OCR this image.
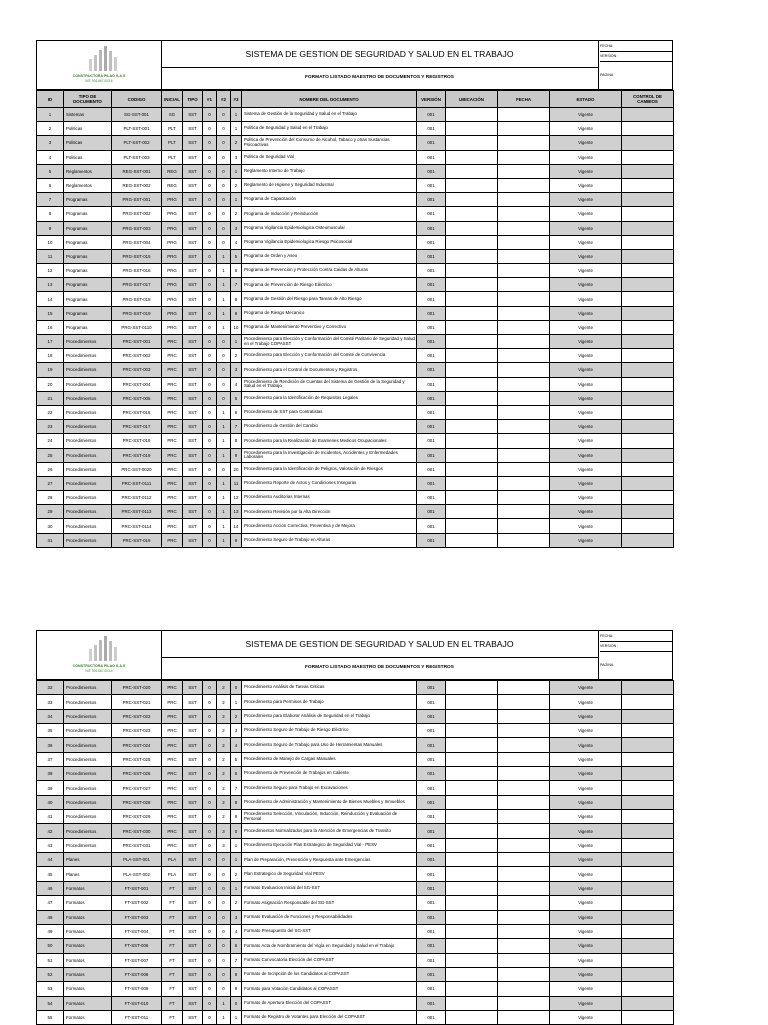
CONSTRUCTORA PILAO S.A.S
NIT: 901.667.003-4
SISTEMA DE GESTION DE SEGURIDAD Y SALUD EN EL TRABAJO
FORMATO LISTADO MAESTRO DE DOCUMENTOS Y REGISTROS
FECHA:
VERSION :
PAGINA
ID	TIPO DE DOCUMENTO	CODIGO	INICIAL	TIPO	#1	#2	#3	NOMBRE DEL DOCUMENTO	VERSIÓN	UBICACIÓN	FECHA	ESTADO	CONTROL DE CAMBIOS
1	Sistemas	SG-SST-001	SG	SST	0	0	1	Sistema de Gestión de la Seguridad y Salud en el Trabajo	001			Vigente	
2	Politicas	PLT-SST-001	PLT	SST	0	0	1	Politica de Seguridad y Salud en el Trabajo	001			Vigente	
3	Politicas	PLT-SST-002	PLT	SST	0	0	2	Politica de Prevención del Consumo de Alcohol, Tabaco y otras Sustancias Psicoactivas	001			Vigente	
4	Politicas	PLT-SST-003	PLT	SST	0	0	3	Politica de Seguridad Vial	001			Vigente	
5	Reglamentos	REG-SST-001	REG	SST	0	0	1	Reglamento Interno de Trabajo	001			Vigente	
6	Reglamentos	REG-SST-002	REG	SST	0	0	2	Reglamento de Higiene y Seguridad Industrial	001			Vigente	
7	Programas	PRG-SST-001	PRG	SST	0	0	1	Programa de Capacitación	001			Vigente	
8	Programas	PRG-SST-002	PRG	SST	0	0	2	Programa de Inducción y Reinducción	001			Vigente	
9	Programas	PRG-SST-003	PRG	SST	0	0	3	Programa Vigilancia Epidemiologica Osteomuscular	001			Vigente	
10	Programas	PRG-SST-004	PRG	SST	0	0	4	Programa Vigilancia Epidemiologica Riesgo Psicosocial	001			Vigente	
11	Programas	PRG-SST-015	PRG	SST	0	1	5	Programa de Orden y Aseo	001			Vigente	
12	Programas	PRG-SST-016	PRG	SST	0	1	6	Programa de Prevención y Protección Contra Caidas de Alturas	001			Vigente	
13	Programas	PRG-SST-017	PRG	SST	0	1	7	Programa de Prevención de Riesgo Eléctrico	001			Vigente	
14	Programas	PRG-SST-018	PRG	SST	0	1	8	Programa de Gestión del Riesgo para Tareas de Alto Riesgo	001			Vigente	
15	Programas	PRG-SST-019	PRG	SST	0	1	9	Programa de Riesgo Mecanico	001			Vigente	
16	Programas	PRG-SST-0110	PRG	SST	0	1	10	Programa de Mantenimiento Preventivo y Correctivo	001			Vigente	
17	Procedimientos	PRC-SST-001	PRC	SST	0	0	1	Procedimiento para Elección y Conformación del Comité Paritario de Seguridad y Salud en el Trabajo COPASST	001			Vigente	
18	Procedimientos	PRC-SST-002	PRC	SST	0	0	2	Procedimiento para Elección y Conformación del Comité de Convivencia	001			Vigente	
19	Procedimientos	PRC-SST-003	PRC	SST	0	0	3	Procedimiento para el Control de Documentos y Registros	001			Vigente	
20	Procedimientos	PRC-SST-004	PRC	SST	0	0	4	Procedimiento de Rendición de Cuentas del Sistema de Gestión de la Seguridad y Salud en el Trabajo	001			Vigente	
21	Procedimientos	PRC-SST-005	PRC	SST	0	0	5	Procedimiento para la Identificación de Requisitos Legales	001			Vigente	
22	Procedimientos	PRC-SST-016	PRC	SST	0	1	6	Procedimiento de SST para Contratistas	001			Vigente	
23	Procedimientos	PRC-SST-017	PRC	SST	0	1	7	Procedimiento de Gestión del Cambio	001			Vigente	
24	Procedimientos	PRC-SST-018	PRC	SST	0	1	8	Procedimiento para la Realización de Examenes Medicos Ocupacionales	001			Vigente	
25	Procedimientos	PRC-SST-019	PRC	SST	0	1	9	Procedimiento para la Investigación de Incidentes, Accidentes y Enfermedades Laborales	001			Vigente	
26	Procedimientos	PRC-SST-0020	PRC	SST	0	0	20	Procedimiento para la Identificación de Peligros, Valoración de Riesgos	001			Vigente	
27	Procedimientos	PRC-SST-0111	PRC	SST	0	1	11	Procedimiento Reporte de Actos y Condiciones Inseguras	001			Vigente	
28	Procedimientos	PRC-SST-0112	PRC	SST	0	1	12	Procedimiento Auditorias Internas	001			Vigente	
29	Procedimientos	PRC-SST-0113	PRC	SST	0	1	13	Procedimiento Revisión por la Alta Dirección	001			Vigente	
30	Procedimientos	PRC-SST-0114	PRC	SST	0	1	14	Procedimiento Acción Correctiva, Preventiva y de Mejora	001			Vigente	
31	Procedimientos	PRC-SST-019	PRC	SST	0	1	9	Procedimiento Seguro de Trabajo en Alturas	001			Vigente	
CONSTRUCTORA PILAO S.A.S
NIT: 901.667.003-4
SISTEMA DE GESTION DE SEGURIDAD Y SALUD EN EL TRABAJO
FORMATO LISTADO MAESTRO DE DOCUMENTOS Y REGISTROS
FECHA:
VERSION :
PAGINA
32	Procedimientos	PRC-SST-020	PRC	SST	0	2	0	Procedimiento Análisis de Tareas Criticas	001			Vigente	
33	Procedimientos	PRC-SST-021	PRC	SST	0	2	1	Procedimiento para Permisos de Trabajo	001			Vigente	
34	Procedimientos	PRC-SST-022	PRC	SST	0	2	2	Procedimiento para Elaborar Análisis de Seguridad en el Trabajo	001			Vigente	
35	Procedimientos	PRC-SST-023	PRC	SST	0	2	3	Procedimiento Seguro de Trabajo de Riesgo Eléctrico	001			Vigente	
36	Procedimientos	PRC-SST-024	PRC	SST	0	2	4	Procedimiento Seguro de Trabajo para Uso de Herramientas Manuales	001			Vigente	
37	Procedimientos	PRC-SST-025	PRC	SST	0	2	5	Procedimiento de Manejo de Cargas Manuales	001			Vigente	
38	Procedimientos	PRC-SST-026	PRC	SST	0	2	6	Procedimiento de Prevención de Trabajos en Caliente	001			Vigente	
39	Procedimientos	PRC-SST-027	PRC	SST	0	2	7	Procedimiento Seguro para Trabajo en Excavaciones	001			Vigente	
40	Procedimientos	PRC-SST-028	PRC	SST	0	2	8	Procedimiento de Administración y Mantenimiento de Bienes Muebles y Inmuebles	001			Vigente	
41	Procedimientos	PRC-SST-029	PRC	SST	0	2	9	Procedimiento Selección, Vinculación, Inducción, Reinducción y Evaluación de Personal	001			Vigente	
42	Procedimientos	PRC-SST-030	PRC	SST	0	3	0	Procedimientos Normalizados para la Atención de Emergencias de Transito	001			Vigente	
43	Procedimientos	PRC-SST-031	PRC	SST	0	3	1	Procedimiento Ejecución Plan Estrategico de Seguridad Vial - PESV	001			Vigente	
44	Planes	PLA-SST-001	PLA	SST	0	0	1	Plan de Preparación, Prevención y Respuesta ante Emergencias	001			Vigente	
45	Planes	PLA-SST-002	PLA	SST	0	0	2	Plan Estrategico de Seguridad Vial PESV	001			Vigente	
46	Formatos	FT-SST-001	FT	SST	0	0	1	Formato Evaluacion Inicial del SG-SST	001			Vigente	
47	Formatos	FT-SST-002	FT	SST	0	0	2	Formato Asignación Responsable del SG-SST	001			Vigente	
48	Formatos	FT-SST-003	FT	SST	0	0	3	Formato Evaluación de Funciones y Responsabilidades	001			Vigente	
49	Formatos	FT-SST-004	FT	SST	0	0	4	Formato Presupuesto del SG-SST	001			Vigente	
50	Formatos	FT-SST-006	FT	SST	0	0	6	Formato Acta de Nombramiento del Vigía en Seguridad y Salud en el Trabajo	001			Vigente	
51	Formatos	FT-SST-007	FT	SST	0	0	7	Formato Convocatoria Elección del COPASST	001			Vigente	
52	Formatos	FT-SST-008	FT	SST	0	0	8	Formato de Incripción de los Candidatos al COPASST	001			Vigente	
53	Formatos	FT-SST-009	FT	SST	0	0	9	Formato para Votación Candidatos al COPASST	001			Vigente	
54	Formatos	FT-SST-010	FT	SST	0	1	0	Formato de Apertura Elección del COPASST	001			Vigente	
55	Formatos	FT-SST-011	FT	SST	0	1	1	Formato de Registro de Votantes para Elección del COPASST	001			Vigente	
